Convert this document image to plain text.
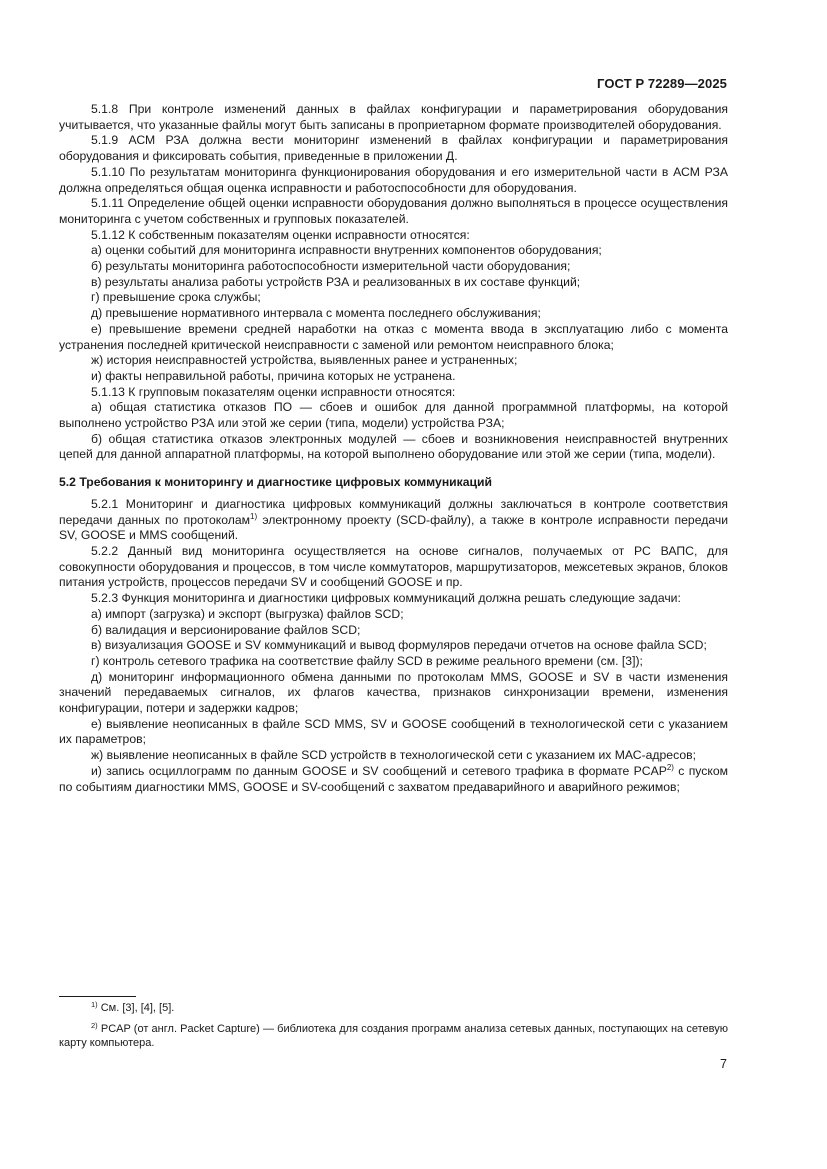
ГОСТ Р 72289—2025

5.1.8 При контроле изменений данных в файлах конфигурации и параметрирования оборудования учитывается, что указанные файлы могут быть записаны в проприетарном формате производителей оборудования.

5.1.9 АСМ РЗА должна вести мониторинг изменений в файлах конфигурации и параметрирования оборудования и фиксировать события, приведенные в приложении Д.

5.1.10 По результатам мониторинга функционирования оборудования и его измерительной части в АСМ РЗА должна определяться общая оценка исправности и работоспособности для оборудования.

5.1.11 Определение общей оценки исправности оборудования должно выполняться в процессе осуществления мониторинга с учетом собственных и групповых показателей.

5.1.12 К собственным показателям оценки исправности относятся:

а) оценки событий для мониторинга исправности внутренних компонентов оборудования;

б) результаты мониторинга работоспособности измерительной части оборудования;

в) результаты анализа работы устройств РЗА и реализованных в их составе функций;

г) превышение срока службы;

д) превышение нормативного интервала с момента последнего обслуживания;

е) превышение времени средней наработки на отказ с момента ввода в эксплуатацию либо с момента устранения последней критической неисправности с заменой или ремонтом неисправного блока;

ж) история неисправностей устройства, выявленных ранее и устраненных;

и) факты неправильной работы, причина которых не устранена.

5.1.13 К групповым показателям оценки исправности относятся:

а) общая статистика отказов ПО — сбоев и ошибок для данной программной платформы, на которой выполнено устройство РЗА или этой же серии (типа, модели) устройства РЗА;

б) общая статистика отказов электронных модулей — сбоев и возникновения неисправностей внутренних цепей для данной аппаратной платформы, на которой выполнено оборудование или этой же серии (типа, модели).

5.2 Требования к мониторингу и диагностике цифровых коммуникаций

5.2.1 Мониторинг и диагностика цифровых коммуникаций должны заключаться в контроле соответствия передачи данных по протоколам$^{1)}$ электронному проекту (SCD-файлу), а также в контроле исправности передачи SV, GOOSE и MMS сообщений.

5.2.2 Данный вид мониторинга осуществляется на основе сигналов, получаемых от РС ВАПС, для совокупности оборудования и процессов, в том числе коммутаторов, маршрутизаторов, межсетевых экранов, блоков питания устройств, процессов передачи SV и сообщений GOOSE и пр.

5.2.3 Функция мониторинга и диагностики цифровых коммуникаций должна решать следующие задачи:

а) импорт (загрузка) и экспорт (выгрузка) файлов SCD;

б) валидация и версионирование файлов SCD;

в) визуализация GOOSE и SV коммуникаций и вывод формуляров передачи отчетов на основе файла SCD;

г) контроль сетевого трафика на соответствие файлу SCD в режиме реального времени (см. [3]);

д) мониторинг информационного обмена данными по протоколам MMS, GOOSE и SV в части изменения значений передаваемых сигналов, их флагов качества, признаков синхронизации времени, изменения конфигурации, потери и задержки кадров;

е) выявление неописанных в файле SCD MMS, SV и GOOSE сообщений в технологической сети с указанием их параметров;

ж) выявление неописанных в файле SCD устройств в технологической сети с указанием их МАС-адресов;

и) запись осциллограмм по данным GOOSE и SV сообщений и сетевого трафика в формате PCAP$^{2)}$ с пуском по событиям диагностики MMS, GOOSE и SV-сообщений с захватом предаварийного и аварийного режимов;

$^{1)}$ См. [3], [4], [5].

$^{2)}$ PCAP (от англ. Packet Capture) — библиотека для создания программ анализа сетевых данных, поступающих на сетевую карту компьютера.

7
